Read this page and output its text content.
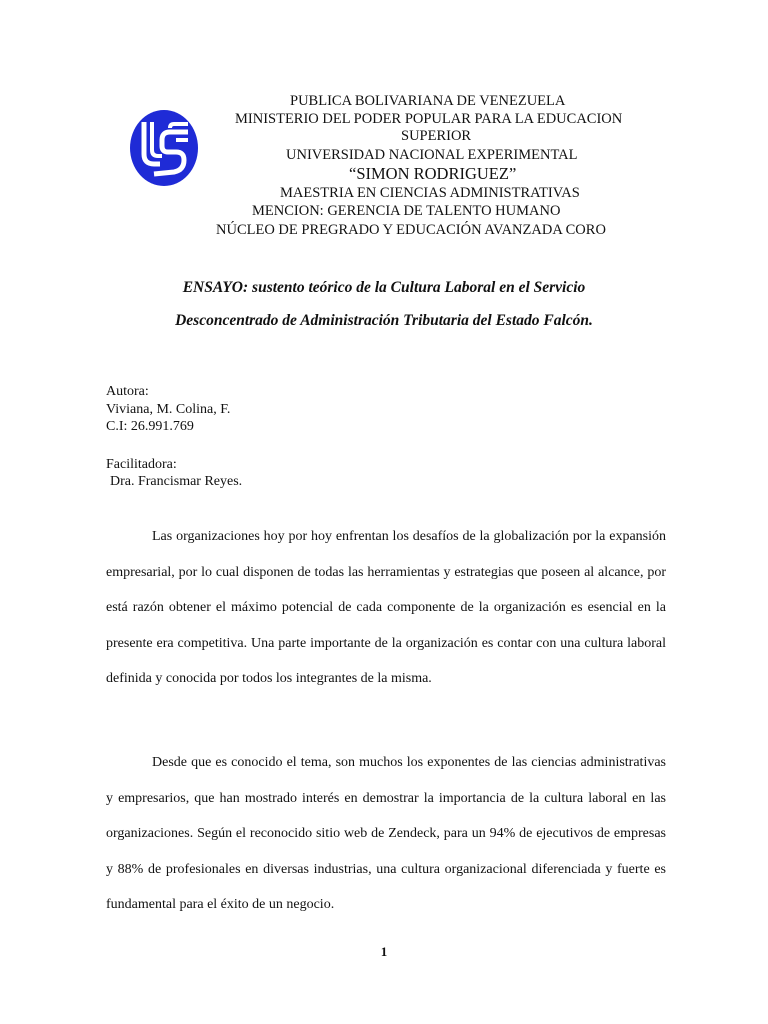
PUBLICA BOLIVARIANA DE VENEZUELA
MINISTERIO DEL PODER POPULAR PARA LA EDUCACION
SUPERIOR
UNIVERSIDAD NACIONAL EXPERIMENTAL
“SIMON RODRIGUEZ”
MAESTRIA EN CIENCIAS ADMINISTRATIVAS
MENCION: GERENCIA DE TALENTO HUMANO
NÚCLEO DE PREGRADO Y EDUCACIÓN AVANZADA CORO
ENSAYO: sustento teórico de la Cultura Laboral en el Servicio
Desconcentrado de Administración Tributaria del Estado Falcón.
Autora:
Viviana, M. Colina, F.
C.I: 26.991.769
Facilitadora:
Dra. Francismar Reyes.

Las organizaciones hoy por hoy enfrentan los desafíos de la globalización por la expansión empresarial, por lo cual disponen de todas las herramientas y estrategias que poseen al alcance, por está razón obtener el máximo potencial de cada componente de la organización es esencial en la presente era competitiva. Una parte importante de la organización es contar con una cultura laboral definida y conocida por todos los integrantes de la misma.

Desde que es conocido el tema, son muchos los exponentes de las ciencias administrativas y empresarios, que han mostrado interés en demostrar la importancia de la cultura laboral en las organizaciones. Según el reconocido sitio web de Zendeck, para un 94% de ejecutivos de empresas y 88% de profesionales en diversas industrias, una cultura organizacional diferenciada y fuerte es fundamental para el éxito de un negocio.

1
